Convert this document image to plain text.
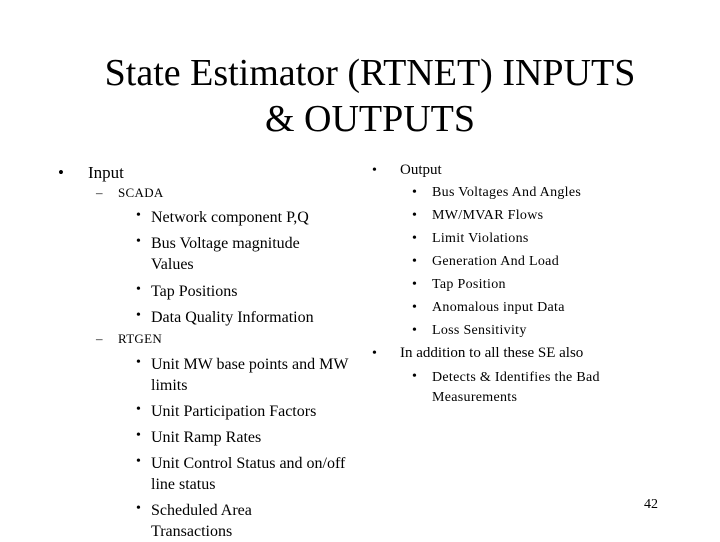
State Estimator (RTNET) INPUTS
& OUTPUTS
• Input
– SCADA
• Network component P,Q
• Bus Voltage magnitude Values
• Tap Positions
• Data Quality Information
– RTGEN
• Unit MW base points and MW limits
• Unit Participation Factors
• Unit Ramp Rates
• Unit Control Status and on/off line status
• Scheduled Area Transactions
• Output
• Bus Voltages And Angles
• MW/MVAR Flows
• Limit Violations
• Generation And Load
• Tap Position
• Anomalous input Data
• Loss Sensitivity
• In addition to all these SE also
• Detects & Identifies the Bad Measurements
42
